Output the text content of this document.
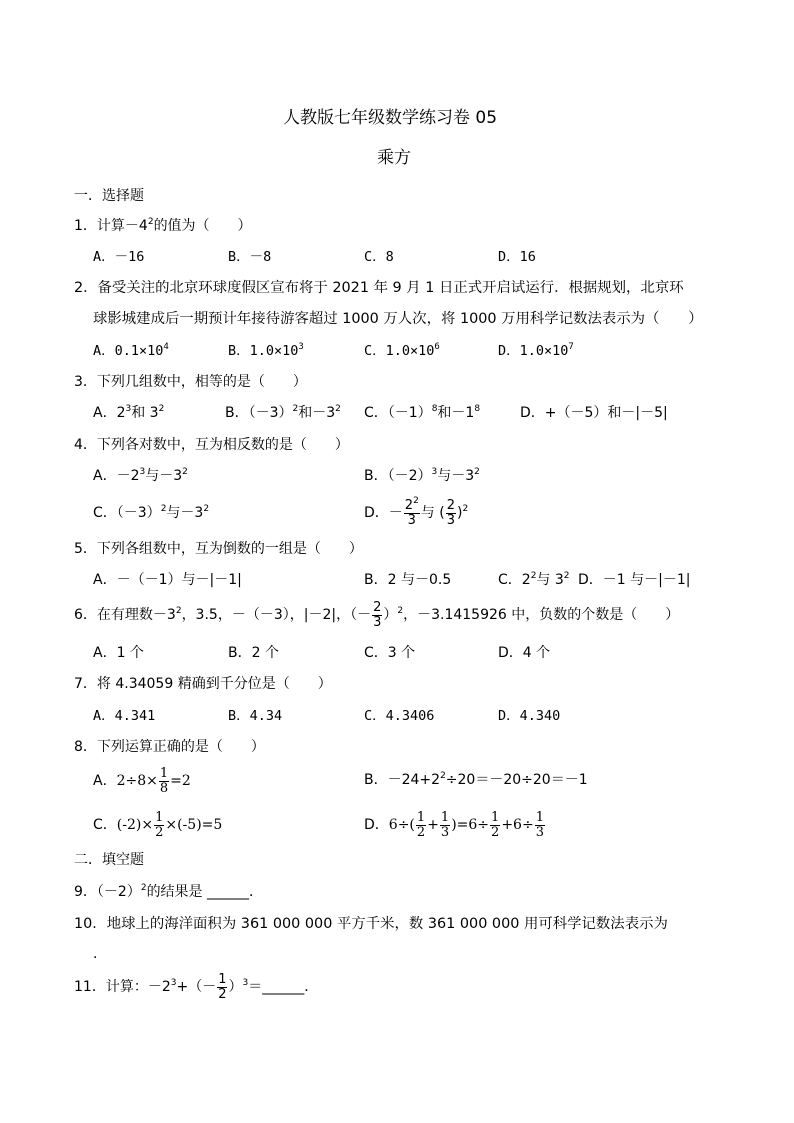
人教版七年级数学练习卷 05
乘方
一．选择题
1．计算$-4^2$的值为（　　）
A．－16	B．－8	C．8	D．16
2．备受关注的北京环球度假区宣布将于 2021 年 9 月 1 日正式开启试运行．根据规划，北京环
球影城建成后一期预计年接待游客超过 1000 万人次，将 1000 万用科学记数法表示为（　　）
A．$0.1\times 10^4$	B．$1.0\times 10^3$	C．$1.0\times 10^6$	D．$1.0\times 10^7$
3．下列几组数中，相等的是（　　）
A．$2^3$和 $3^2$	B．$(-3)^2$和$-3^2$ C．$(-1)^8$和$-1^8$	D．+（－5）和－|－5|
4．下列各对数中，互为相反数的是（　　）
A．$-2^3$与$-3^2$	B．$(-2)^3$与$-3^2$
C．$(-3)^2$与$-3^2$	D．－ $\frac{2^2}{3}$ 与 ( $\frac{2}{3} )^2$
5．下列各组数中，互为倒数的一组是（　　）
A．－（－1）与－|－1|	B．2 与－0.5	C．$2^2$与 $3^2$ D．－1 与－|－1|
6．在有理数$-3^2$，3.5，－（－3），|－2|，（－ $\frac{2}{3} )^2$，－3.1415926 中，负数的个数是（　　）
A．1 个	B．2 个	C．3 个	D．4 个
7．将 4.34059 精确到千分位是（　　）
A．4.341	B．4.34	C．4.3406	D．4.340
8．下列运算正确的是（　　）
A．$2\div 8\times \frac{1}{8} =2$	B．$-24+2^2\div 20=-20\div 20=-1$
C．$(-2)\times \frac{1}{2} \times(-5)=5$	D．$6\div( \frac{1}{2} + \frac{1}{3} )=6\div \frac{1}{2} +6\div \frac{1}{3}$
二．填空题
9．$(-2)^2$的结果是 ______．
10．地球上的海洋面积为 361 000 000 平方千米，数 361 000 000 用可科学记数法表示为
.
11．计算：$-2^3+(- \frac{1}{2}$ ）$^3=\_\_\_\_\_\_$．
